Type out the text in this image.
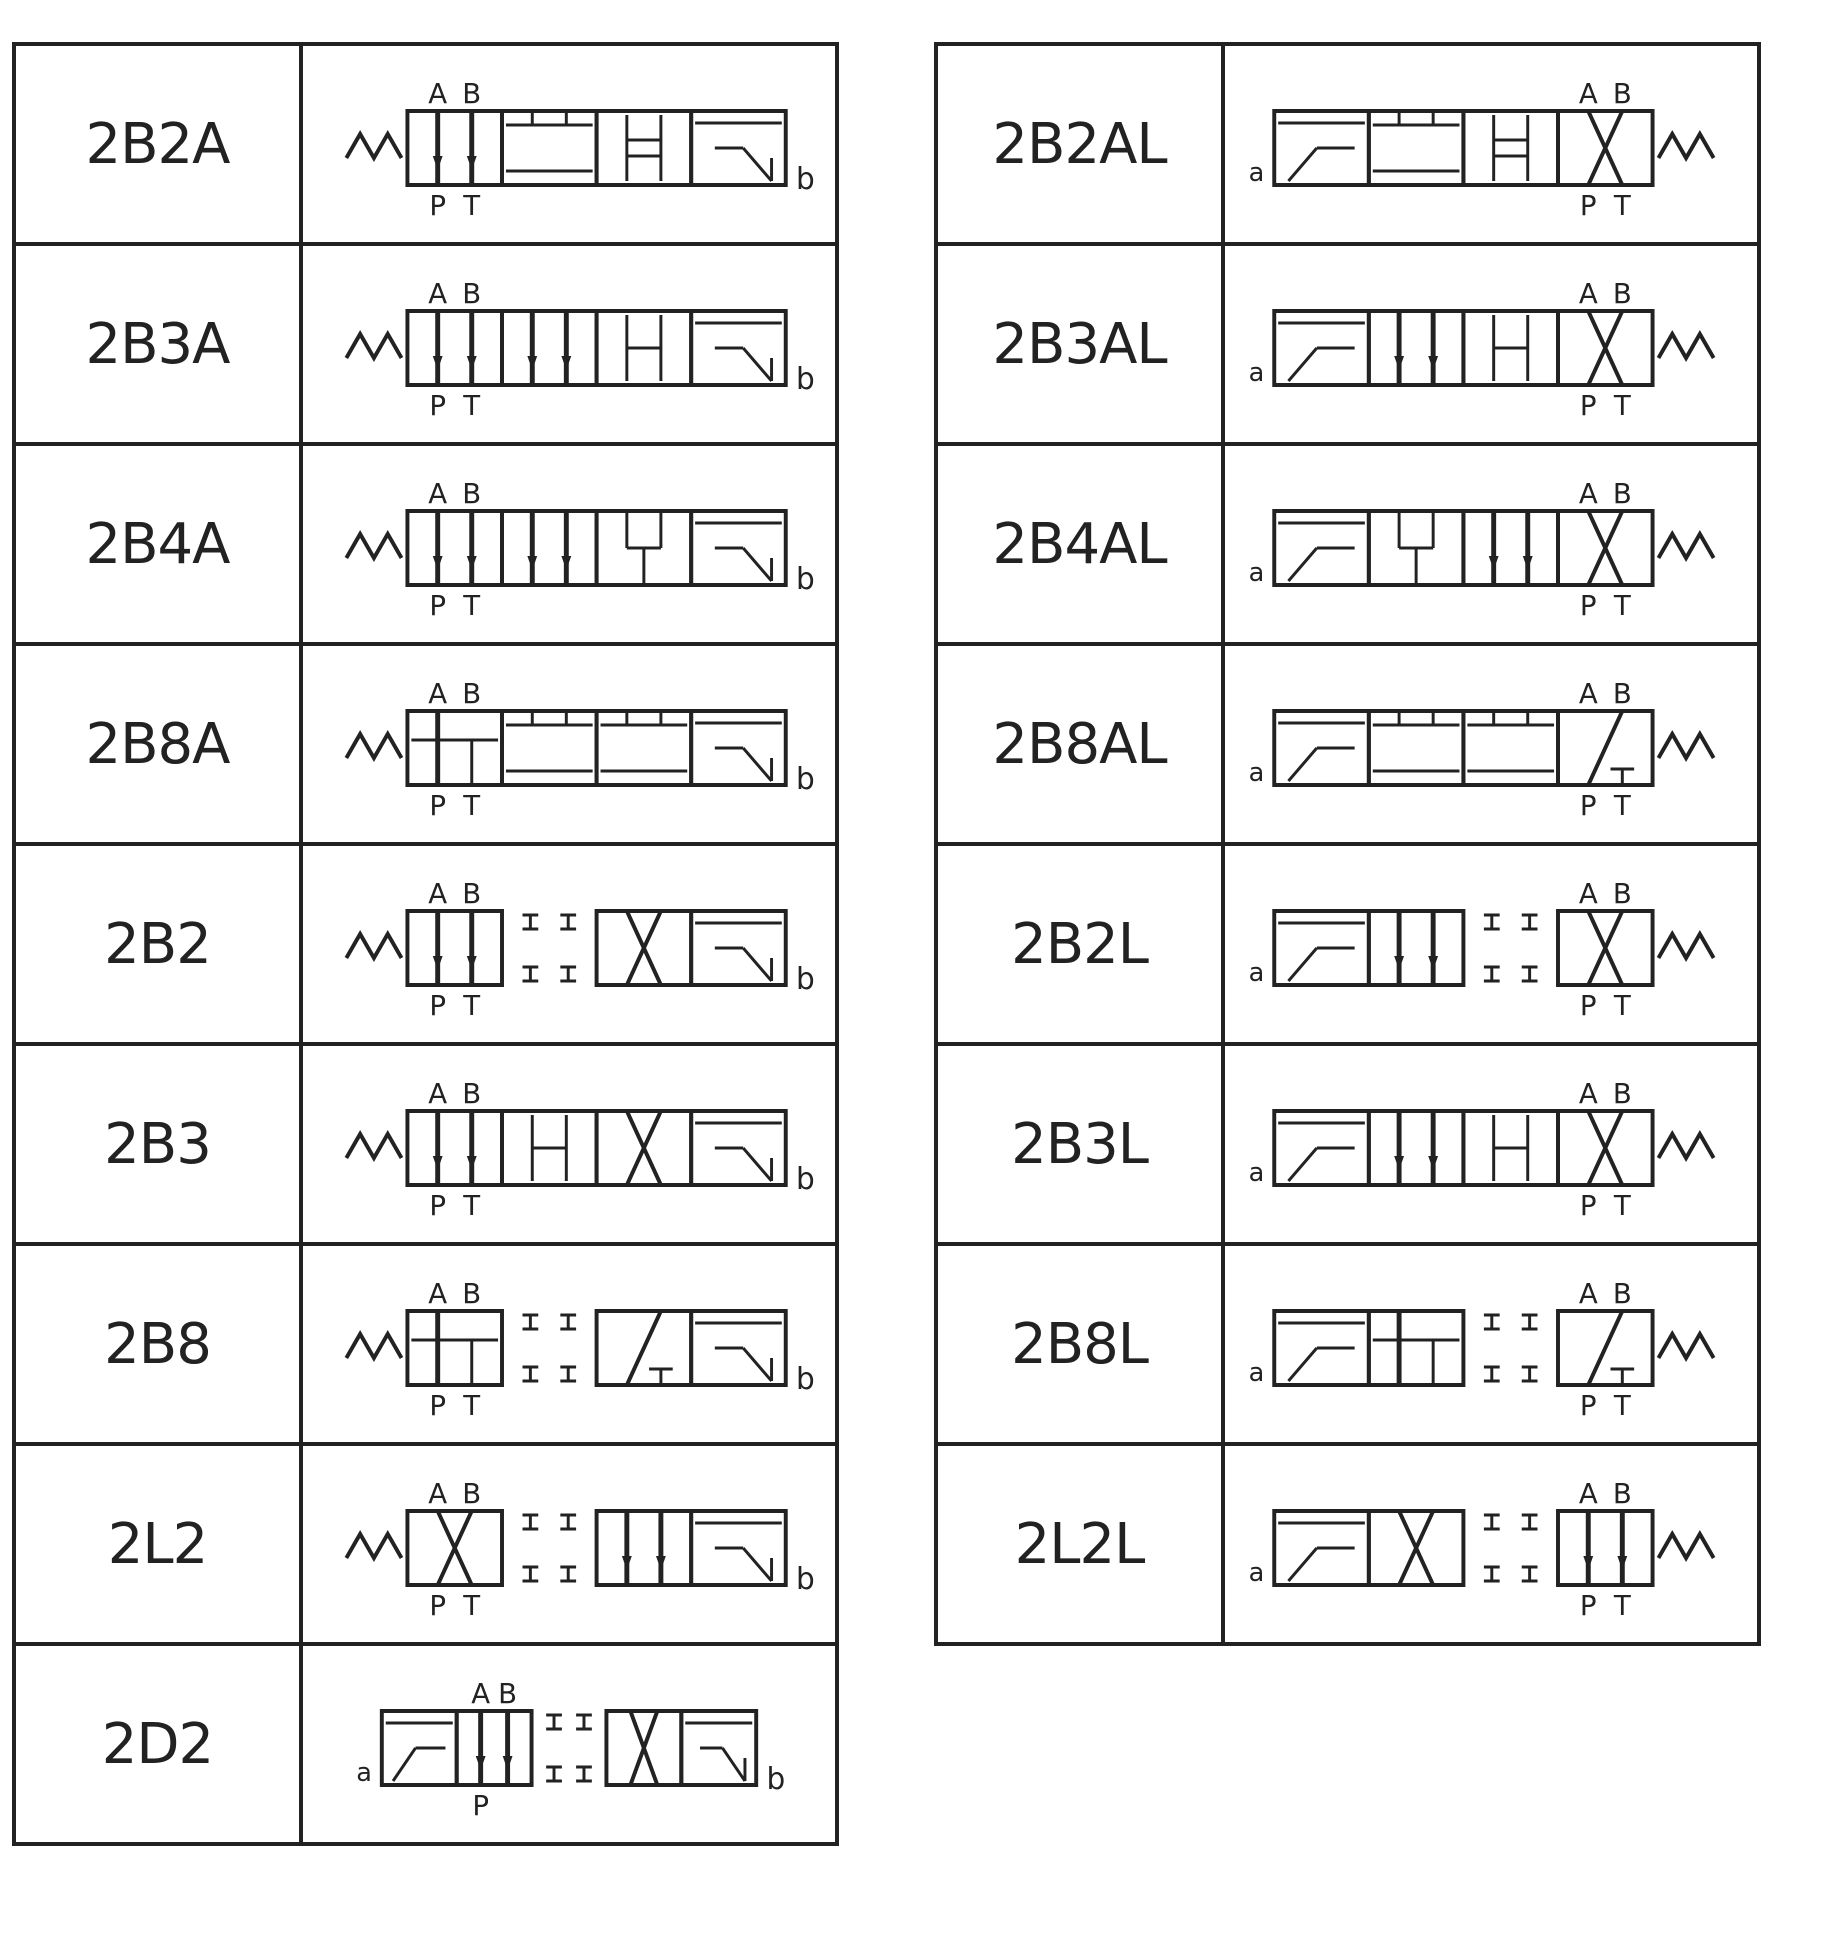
2B2A	b
A B
P T

2B3A	b
A B
P T

2B4A	b
A B
P T

2B8A	b
A B
P T

2B2	b
A B
P T

2B3	b
A B
P T

2B8	b
A B
P T

2L2	b
A B
P T

2D2	b
a
A B
P
2B2AL	a
A B
P T

2B3AL	a
A B
P T

2B4AL	a
A B
P T

2B8AL	a
A B
P T

2B2L	a
A B
P T

2B3L	a
A B
P T

2B8L	a
A B
P T

2L2L	a
A B
P T
